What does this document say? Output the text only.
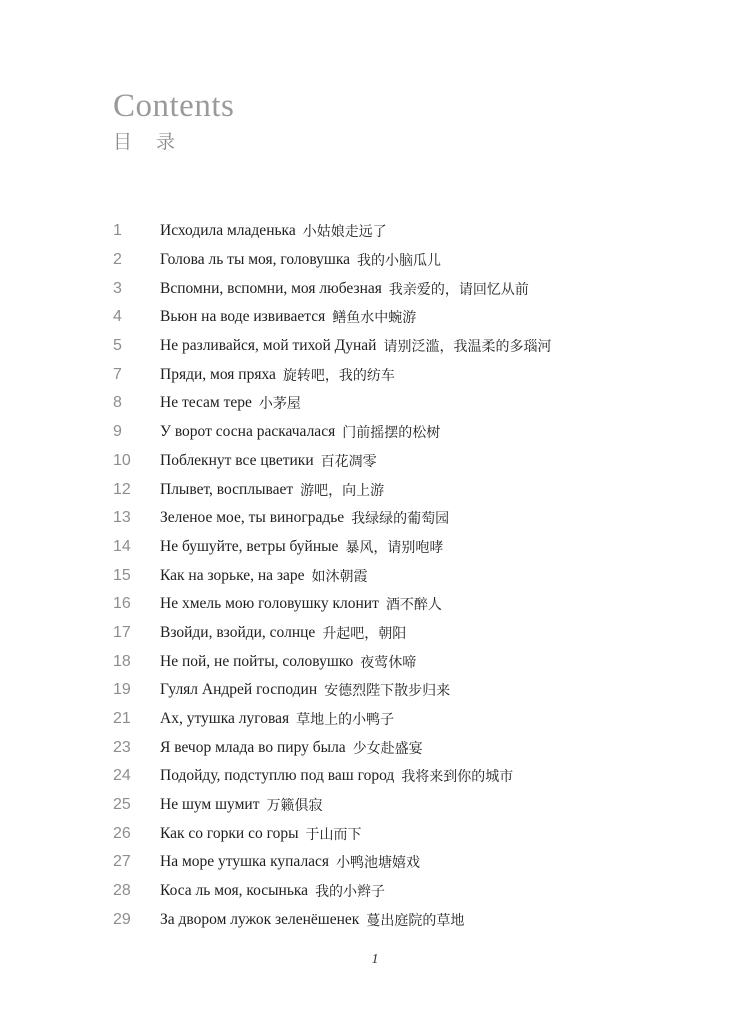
Contents
目 录
1	Исходила младенька 小姑娘走远了
2	Голова ль ты моя, головушка 我的小脑瓜儿
3	Вспомни, вспомни, моя любезная 我亲爱的，请回忆从前
4	Вьюн на воде извивается 鳝鱼水中蜿游
5	Не разливайся, мой тихой Дунай 请别泛滥，我温柔的多瑙河
7	Пряди, моя пряха 旋转吧，我的纺车
8	Не тесам тере 小茅屋
9	У ворот сосна раскачалася 门前摇摆的松树
10	Поблекнут все цветики 百花凋零
12	Плывет, восплывает 游吧，向上游
13	Зеленое мое, ты виноградье 我绿绿的葡萄园
14	Не бушуйте, ветры буйные 暴风，请别咆哮
15	Как на зорьке, на заре 如沐朝霞
16	Не хмель мою головушку клонит 酒不醉人
17	Взойди, взойди, солнце 升起吧，朝阳
18	Не пой, не пойты, соловушко 夜莺休啼
19	Гулял Андрей господин 安德烈陛下散步归来
21	Ах, утушка луговая 草地上的小鸭子
23	Я вечор млада во пиру была 少女赴盛宴
24	Подойду, подступлю под ваш город 我将来到你的城市
25	Не шум шумит 万籁俱寂
26	Как со горки со горы 于山而下
27	На море утушка купалася 小鸭池塘嬉戏
28	Коса ль моя, косынька 我的小辫子
29	За двором лужок зеленёшенек 蔓出庭院的草地
1
